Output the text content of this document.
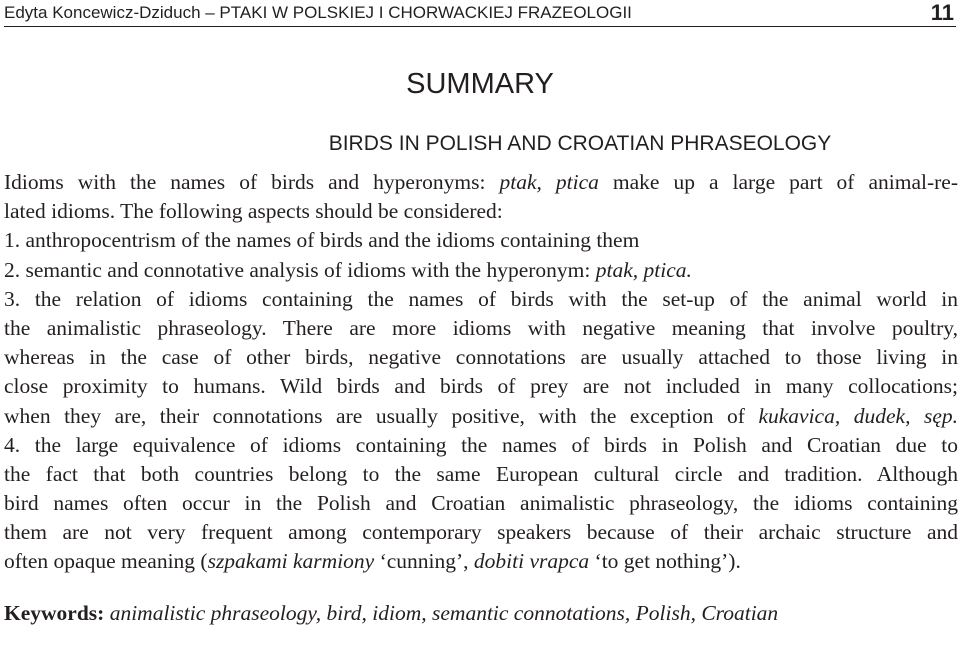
Edyta Koncewicz-Dziduch – PTAKI W POLSKIEJ I CHORWACKIEJ FRAZEOLOGII	11
SUMMARY
BIRDS IN POLISH AND CROATIAN PHRASEOLOGY
Idioms with the names of birds and hyperonyms: ptak, ptica make up a large part of animal-re-
lated idioms. The following aspects should be considered:
1. anthropocentrism of the names of birds and the idioms containing them
2. semantic and connotative analysis of idioms with the hyperonym: ptak, ptica.
3. the relation of idioms containing the names of birds with the set-up of the animal world in
the animalistic phraseology. There are more idioms with negative meaning that involve poultry,
whereas in the case of other birds, negative connotations are usually attached to those living in
close proximity to humans. Wild birds and birds of prey are not included in many collocations;
when they are, their connotations are usually positive, with the exception of kukavica, dudek, sęp.
4. the large equivalence of idioms containing the names of birds in Polish and Croatian due to
the fact that both countries belong to the same European cultural circle and tradition. Although
bird names often occur in the Polish and Croatian animalistic phraseology, the idioms containing
them are not very frequent among contemporary speakers because of their archaic structure and
often opaque meaning (szpakami karmiony ‘cunning’, dobiti vrapca ‘to get nothing’).
Keywords: animalistic phraseology, bird, idiom, semantic connotations, Polish, Croatian
